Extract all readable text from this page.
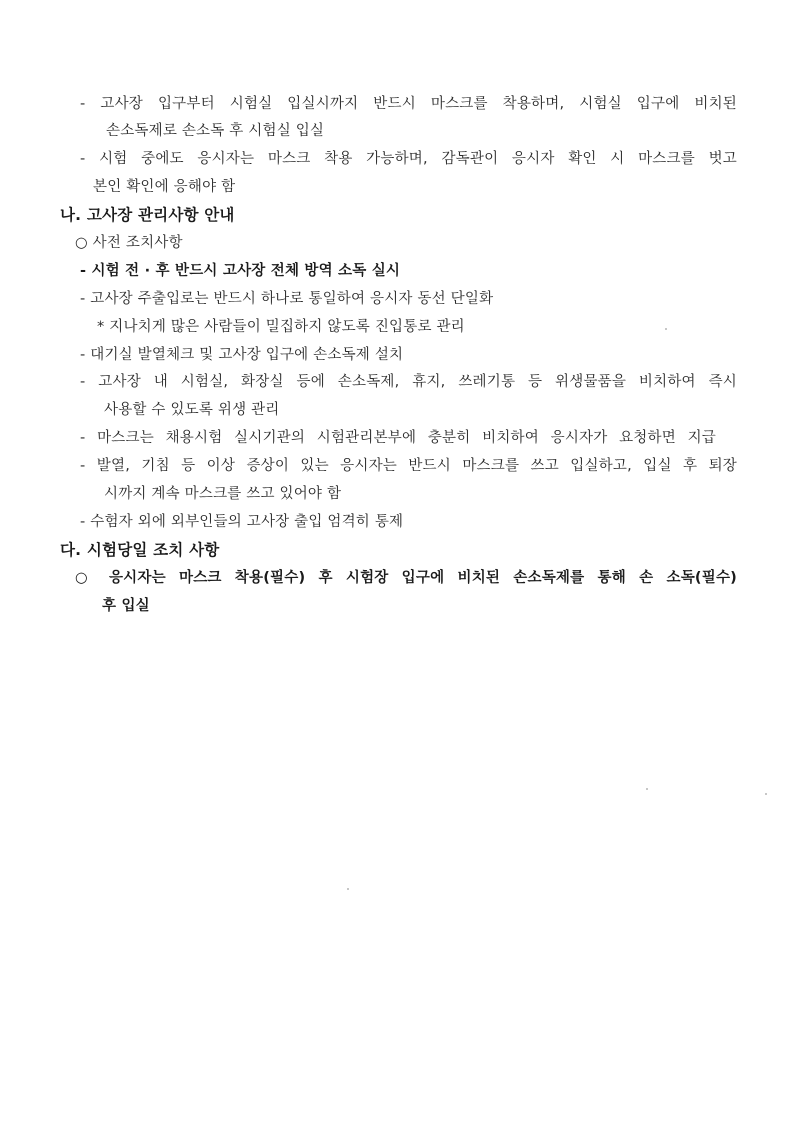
- 고사장 입구부터 시험실 입실시까지 반드시 마스크를 착용하며, 시험실 입구에 비치된
손소독제로 손소독 후 시험실 입실
- 시험 중에도 응시자는 마스크 착용 가능하며, 감독관이 응시자 확인 시 마스크를 벗고
본인 확인에 응해야 함
나. 고사장 관리사항 안내
○ 사전 조치사항
- 시험 전 · 후 반드시 고사장 전체 방역 소독 실시
- 고사장 주출입로는 반드시 하나로 통일하여 응시자 동선 단일화
* 지나치게 많은 사람들이 밀집하지 않도록 진입통로 관리
- 대기실 발열체크 및 고사장 입구에 손소독제 설치
- 고사장 내 시험실, 화장실 등에 손소독제, 휴지, 쓰레기통 등 위생물품을 비치하여 즉시
사용할 수 있도록 위생 관리
- 마스크는 채용시험 실시기관의 시험관리본부에 충분히 비치하여 응시자가 요청하면 지급
- 발열, 기침 등 이상 증상이 있는 응시자는 반드시 마스크를 쓰고 입실하고, 입실 후 퇴장
시까지 계속 마스크를 쓰고 있어야 함
- 수험자 외에 외부인들의 고사장 출입 엄격히 통제
다. 시험당일 조치 사항
○ 응시자는 마스크 착용(필수) 후 시험장 입구에 비치된 손소독제를 통해 손 소독(필수)
후 입실
